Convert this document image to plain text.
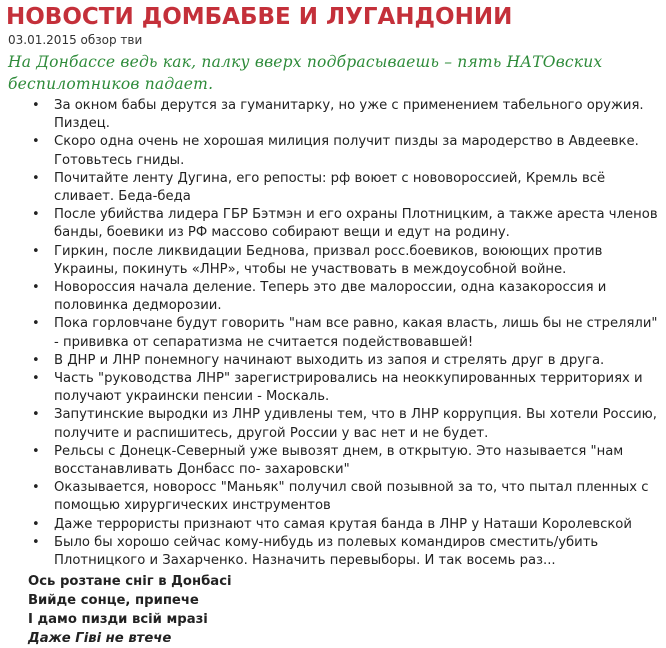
НОВОСТИ ДОМБАБВЕ И ЛУГАНДОНИИ
03.01.2015 обзор тви
На Донбассе ведь как, палку вверх подбрасываешь – пять НАТОвских беспилотников падает.
• За окном бабы дерутся за гуманитарку, но уже с применением табельного оружия. Пиздец.
• Скоро одна очень не хорошая милиция получит пизды за мародерство в Авдеевке. Готовьтесь гниды.
• Почитайте ленту Дугина, его репосты: рф воюет с нововороссией, Кремль всё сливает. Беда-беда
• После убийства лидера ГБР Бэтмэн и его охраны Плотницким, а также ареста членов банды, боевики из РФ массово собирают вещи и едут на родину.
• Гиркин, после ликвидации Беднова, призвал росс.боевиков, воюющих против Украины, покинуть «ЛНР», чтобы не участвовать в междоусобной войне.
• Новороссия начала деление. Теперь это две малороссии, одна казакороссия и половинка дедморозии.
• Пока горловчане будут говорить "нам все равно, какая власть, лишь бы не стреляли" - прививка от сепаратизма не считается подействовавшей!
• В ДНР и ЛНР понемногу начинают выходить из запоя и стрелять друг в друга.
• Часть "руководства ЛНР" зарегистрировались на неоккупированных территориях и получают украински пенсии - Москаль.
• Запутинские выродки из ЛНР удивлены тем, что в ЛНР коррупция. Вы хотели Россию, получите и распишитесь, другой России у вас нет и не будет.
• Рельсы с Донецк-Северный уже вывозят днем, в открытую. Это называется "нам восстанавливать Донбасс по- захаровски"
• Оказывается, новоросс "Маньяк" получил свой позывной за то, что пытал пленных с помощью хирургических инструментов
• Даже террористы признают что самая крутая банда в ЛНР у Наташи Королевской
• Было бы хорошо сейчас кому-нибудь из полевых командиров сместить/убить Плотницкого и Захарченко. Назначить перевыборы. И так восемь раз...
Ось розтане сніг в Донбасі
Вийде сонце, припече
І дамо пизди всій мразі
Даже Гіві не втече
